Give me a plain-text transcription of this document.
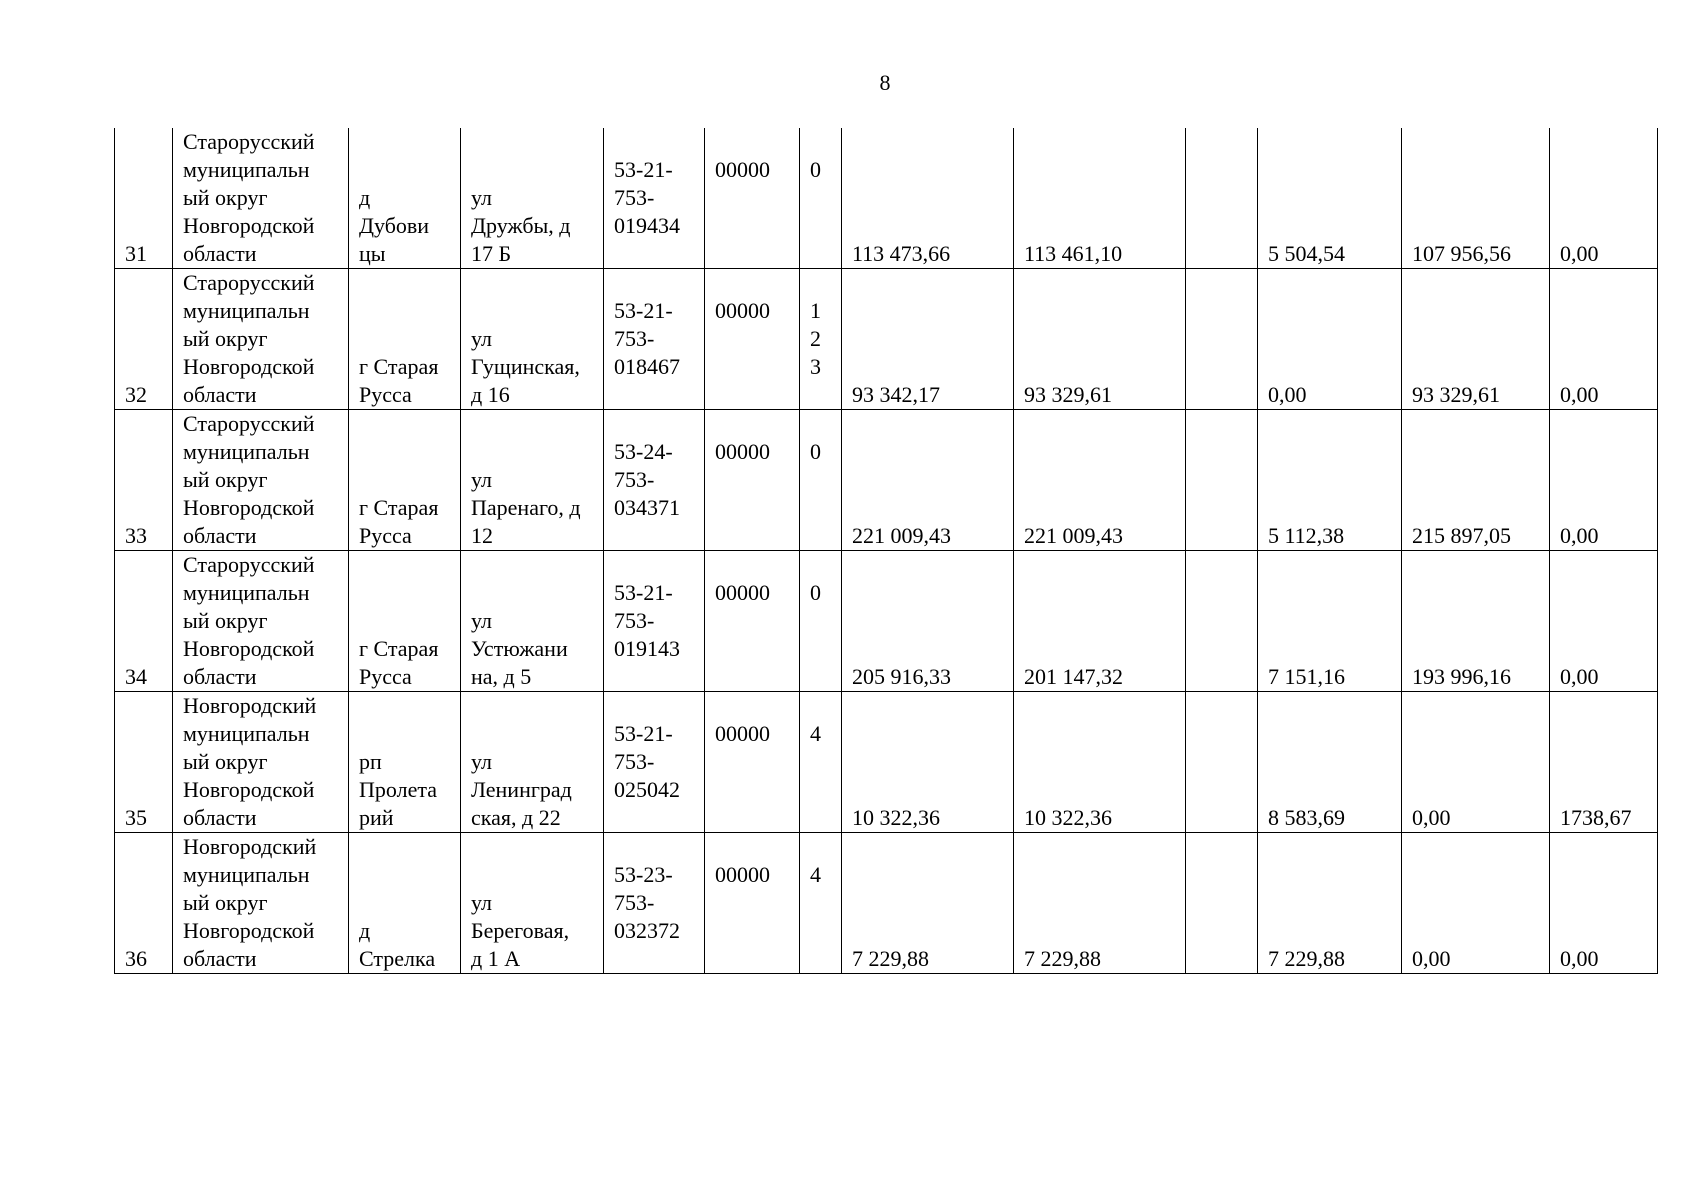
8
31	Старорусский
муниципальн
ый округ
Новгородской
области	д
Дубови
цы	ул
Дружбы, д
17 Б	53-21-
753-
019434	00000	0	113 473,66	113 461,10		5 504,54	107 956,56	0,00
32	Старорусский
муниципальн
ый округ
Новгородской
области	г Старая
Русса	ул
Гущинская,
д 16	53-21-
753-
018467	00000	1
2
3	93 342,17	93 329,61		0,00	93 329,61	0,00
33	Старорусский
муниципальн
ый округ
Новгородской
области	г Старая
Русса	ул
Паренаго, д
12	53-24-
753-
034371	00000	0	221 009,43	221 009,43		5 112,38	215 897,05	0,00
34	Старорусский
муниципальн
ый округ
Новгородской
области	г Старая
Русса	ул
Устюжани
на, д 5	53-21-
753-
019143	00000	0	205 916,33	201 147,32		7 151,16	193 996,16	0,00
35	Новгородский
муниципальн
ый округ
Новгородской
области	рп
Пролета
рий	ул
Ленинград
ская, д 22	53-21-
753-
025042	00000	4	10 322,36	10 322,36		8 583,69	0,00	1738,67
36	Новгородский
муниципальн
ый округ
Новгородской
области	д
Стрелка	ул
Береговая,
д 1 А	53-23-
753-
032372	00000	4	7 229,88	7 229,88		7 229,88	0,00	0,00
